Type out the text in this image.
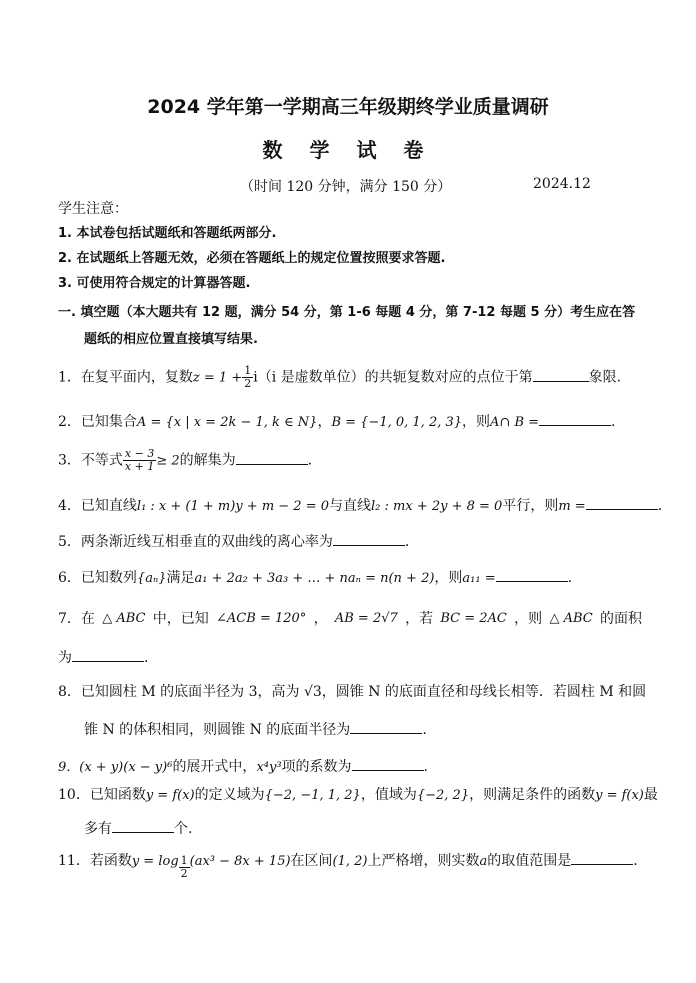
2024 学年第一学期高三年级期终学业质量调研
数 学 试 卷
（时间 120 分钟，满分 150 分）	2024.12
学生注意：
1. 本试卷包括试题纸和答题纸两部分.
2. 在试题纸上答题无效，必须在答题纸上的规定位置按照要求答题.
3. 可使用符合规定的计算器答题.
一. 填空题（本大题共有 12 题，满分 54 分，第 1-6 每题 4 分，第 7-12 每题 5 分）考生应在答
题纸的相应位置直接填写结果.
1．在复平面内，复数$z = 1 + \frac{1}{2} i(i$ 是虚数单位）的共轭复数对应的点位于第	象限.
2．已知集合A = {x | x = 2k − 1, k ∈ N}，B = {−1, 0, 1, 2, 3}，则A∩ B =	.
3．不等式 $\frac{x - 3}{x + 1} \ge 2$的解集为	.
4．已知直线l₁ : x + (1 + m)y + m − 2 = 0与直线l₂ : mx + 2y + 8 = 0平行，则m =	.
5．两条渐近线互相垂直的双曲线的离心率为	.
6．已知数列{aₙ}满足a₁ + 2a₂ + 3a₃ + … + naₙ = n(n + 2)，则a₁₁ =	.
7．在 △ ABC 中，已知 ∠ACB = 120° ， AB = 2√7 ，若 BC = 2AC ，则 △ ABC 的面积
为	.
8．已知圆柱 M 的底面半径为 3，高为 √3，圆锥 N 的底面直径和母线长相等．若圆柱 M 和圆
锥 N 的体积相同，则圆锥 N 的底面半径为	.
9．(x + y)(x − y)⁶的展开式中，x⁴y³项的系数为	.
10．已知函数y = f(x)的定义域为{−2, −1, 1, 2}，值域为{−2, 2}，则满足条件的函数y = f(x)最
多有	个.
11．若函数$y = \log \frac{1}{2} (ax^3 - 8x + 15)$在区间(1, 2)上严格增，则实数a的取值范围是	.
